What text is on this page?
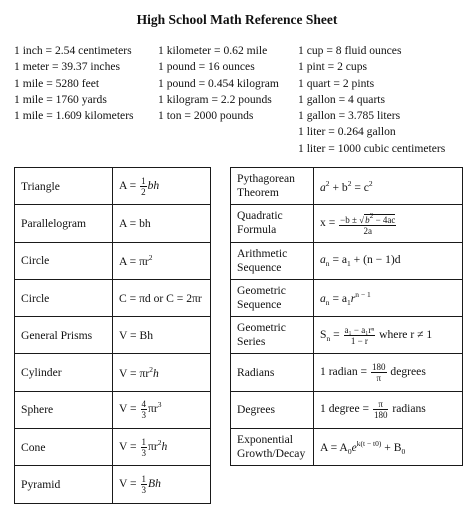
High School Math Reference Sheet
1 inch = 2.54 centimeters
1 meter = 39.37 inches
1 mile = 5280 feet
1 mile = 1760 yards
1 mile = 1.609 kilometers
1 kilometer = 0.62 mile
1 pound = 16 ounces
1 pound = 0.454 kilogram
1 kilogram = 2.2 pounds
1 ton = 2000 pounds
1 cup = 8 fluid ounces
1 pint = 2 cups
1 quart = 2 pints
1 gallon = 4 quarts
1 gallon = 3.785 liters
1 liter = 0.264 gallon
1 liter = 1000 cubic centimeters
Triangle	$A = \frac{1}{2}$ bh
Parallelogram	A = bh
Circle	$A = \pi r^2$
Circle	C = πd or C = 2πr
General Prisms	V = Bh
Cylinder	$V = \pi r^2h$
Sphere	$V = \frac{4}{3} \pi r^3$
Cone	$V = \frac{1}{3} \pi r^2h$
Pyramid	$V = \frac{1}{3}$ Bh
Pythagorean Theorem	$a^2 + b^2 = c^2$
Quadratic Formula	$x = \frac{-b \pm √b^2 - 4ac}{2a}$

Arithmetic Sequence	$a_n = a_1 + (n - 1)d$
Geometric Sequence	$a_n = a_1r^{n - 1}$
Geometric Series	$S_n = \frac{\text{a₁ − a₁rⁿ}}{1 - r}$ where r ≠ 1
Radians	1 radian = $\frac{180}{\pi}$ degrees
Degrees	1 degree = $\frac{\pi}{180}$ radians
Exponential Growth/Decay	$A = A_0e^{k(t - t0)} + B_0$
